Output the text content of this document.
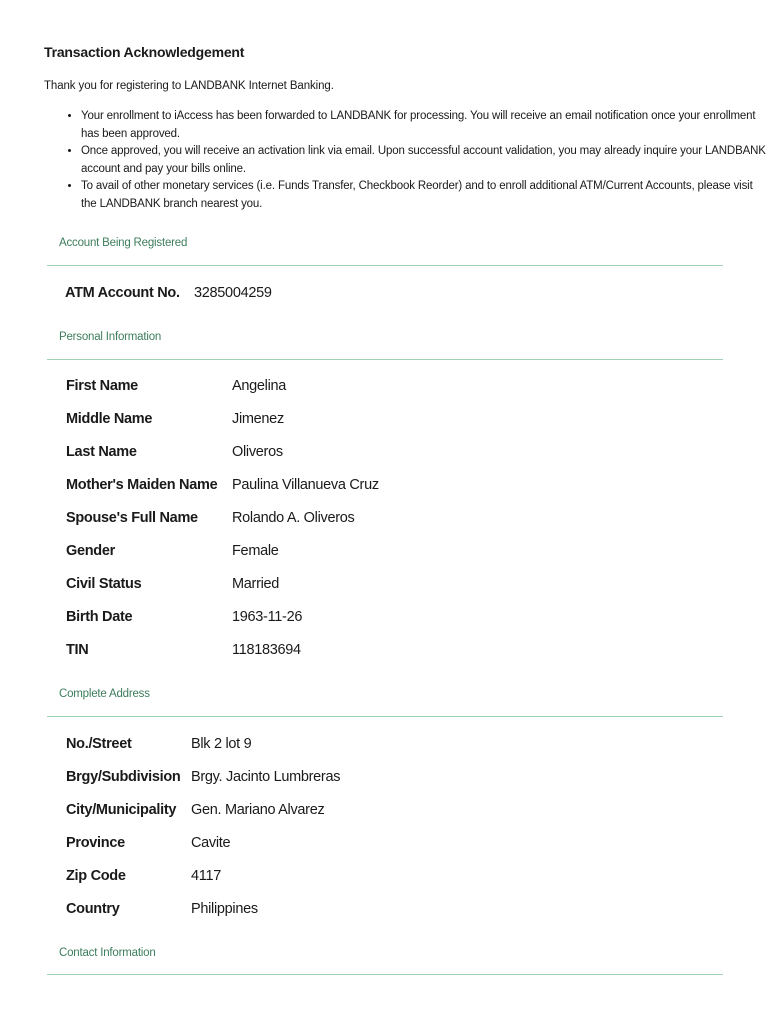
Transaction Acknowledgement
Thank you for registering to LANDBANK Internet Banking.
• Your enrollment to iAccess has been forwarded to LANDBANK for processing. You will receive an email notification once your enrollment has been approved.
• Once approved, you will receive an activation link via email. Upon successful account validation, you may already inquire your LANDBANK account and pay your bills online.
• To avail of other monetary services (i.e. Funds Transfer, Checkbook Reorder) and to enroll additional ATM/Current Accounts, please visit the LANDBANK branch nearest you.
Account Being Registered
ATM Account No. 3285004259
Personal Information
First Name	Angelina
Middle Name	Jimenez
Last Name	Oliveros
Mother's Maiden Name Paulina Villanueva Cruz
Spouse's Full Name Rolando A. Oliveros
Gender	Female
Civil Status	Married
Birth Date	1963-11-26
TIN	118183694
Complete Address
No./Street	Blk 2 lot 9
Brgy/Subdivision Brgy. Jacinto Lumbreras
City/Municipality Gen. Mariano Alvarez
Province	Cavite
Zip Code	4117
Country	Philippines
Contact Information
